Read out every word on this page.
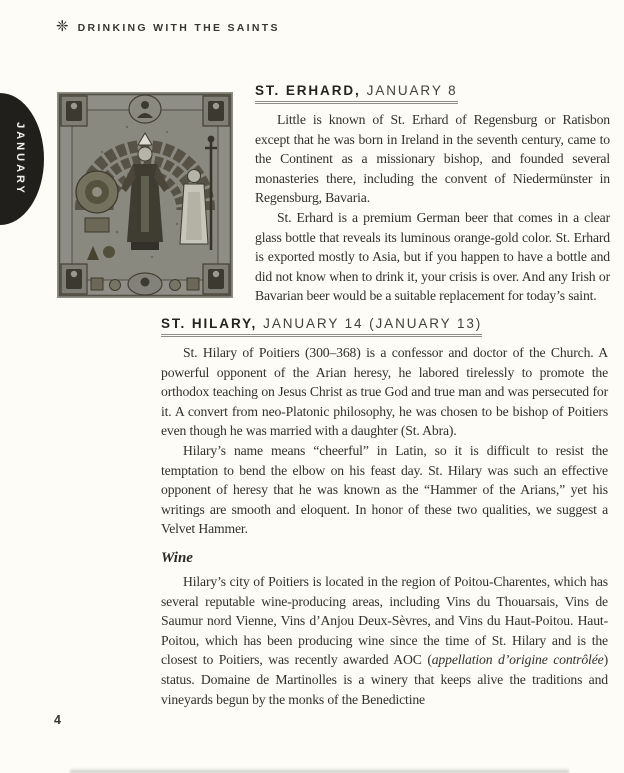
❈ DRINKING WITH THE SAINTS
JANUARY
ST. ERHARD, JANUARY 8

Little is known of St. Erhard of Regensburg or Ratisbon except that he was born in Ireland in the seventh century, came to the Continent as a missionary bishop, and founded several monasteries there, including the convent of Niedermünster in Regensburg, Bavaria.

St. Erhard is a premium German beer that comes in a clear glass bottle that reveals its luminous orange-gold color. St. Erhard is exported mostly to Asia, but if you happen to have a bottle and did not know when to drink it, your crisis is over. And any Irish or Bavarian beer would be a suitable replacement for today’s saint.

ST. HILARY, JANUARY 14 (JANUARY 13)

St. Hilary of Poitiers (300–368) is a confessor and doctor of the Church. A powerful opponent of the Arian heresy, he labored tirelessly to promote the orthodox teaching on Jesus Christ as true God and true man and was persecuted for it. A convert from neo-Platonic philosophy, he was chosen to be bishop of Poitiers even though he was married with a daughter (St. Abra).

Hilary’s name means “cheerful” in Latin, so it is difficult to resist the temptation to bend the elbow on his feast day. St. Hilary was such an effective opponent of heresy that he was known as the “Hammer of the Arians,” yet his writings are smooth and eloquent. In honor of these two qualities, we suggest a Velvet Hammer.

Wine

Hilary’s city of Poitiers is located in the region of Poitou-Charentes, which has several reputable wine-producing areas, including Vins du Thouarsais, Vins de Saumur nord Vienne, Vins d’Anjou Deux-Sèvres, and Vins du Haut-Poitou. Haut-Poitou, which has been producing wine since the time of St. Hilary and is the closest to Poitiers, was recently awarded AOC (appellation d’origine contrôlée) status. Domaine de Martinolles is a winery that keeps alive the traditions and vineyards begun by the monks of the Benedictine

4
